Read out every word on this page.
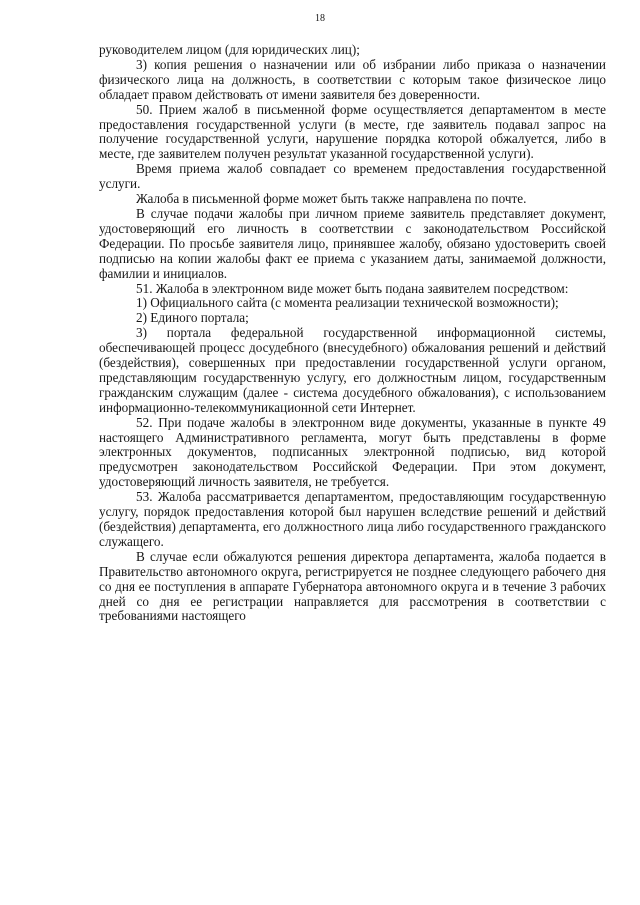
18

руководителем лицом (для юридических лиц);

3) копия решения о назначении или об избрании либо приказа о назначении физического лица на должность, в соответствии с которым такое физическое лицо обладает правом действовать от имени заявителя без доверенности.

50. Прием жалоб в письменной форме осуществляется департаментом в месте предоставления государственной услуги (в месте, где заявитель подавал запрос на получение государственной услуги, нарушение порядка которой обжалуется, либо в месте, где заявителем получен результат указанной государственной услуги).

Время приема жалоб совпадает со временем предоставления государственной услуги.

Жалоба в письменной форме может быть также направлена по почте.

В случае подачи жалобы при личном приеме заявитель представляет документ, удостоверяющий его личность в соответствии с законодательством Российской Федерации. По просьбе заявителя лицо, принявшее жалобу, обязано удостоверить своей подписью на копии жалобы факт ее приема с указанием даты, занимаемой должности, фамилии и инициалов.

51. Жалоба в электронном виде может быть подана заявителем посредством:

1) Официального сайта (с момента реализации технической возможности);

2) Единого портала;

3) портала федеральной государственной информационной системы, обеспечивающей процесс досудебного (внесудебного) обжалования решений и действий (бездействия), совершенных при предоставлении государственной услуги органом, представляющим государственную услугу, его должностным лицом, государственным гражданским служащим (далее - система досудебного обжалования), с использованием информационно-телекоммуникационной сети Интернет.

52. При подаче жалобы в электронном виде документы, указанные в пункте 49 настоящего Административного регламента, могут быть представлены в форме электронных документов, подписанных электронной подписью, вид которой предусмотрен законодательством Российской Федерации. При этом документ, удостоверяющий личность заявителя, не требуется.

53. Жалоба рассматривается департаментом, предоставляющим государственную услугу, порядок предоставления которой был нарушен вследствие решений и действий (бездействия) департамента, его должностного лица либо государственного гражданского служащего.

В случае если обжалуются решения директора департамента, жалоба подается в Правительство автономного округа, регистрируется не позднее следующего рабочего дня со дня ее поступления в аппарате Губернатора автономного округа и в течение 3 рабочих дней со дня ее регистрации направляется для рассмотрения в соответствии с требованиями настоящего
